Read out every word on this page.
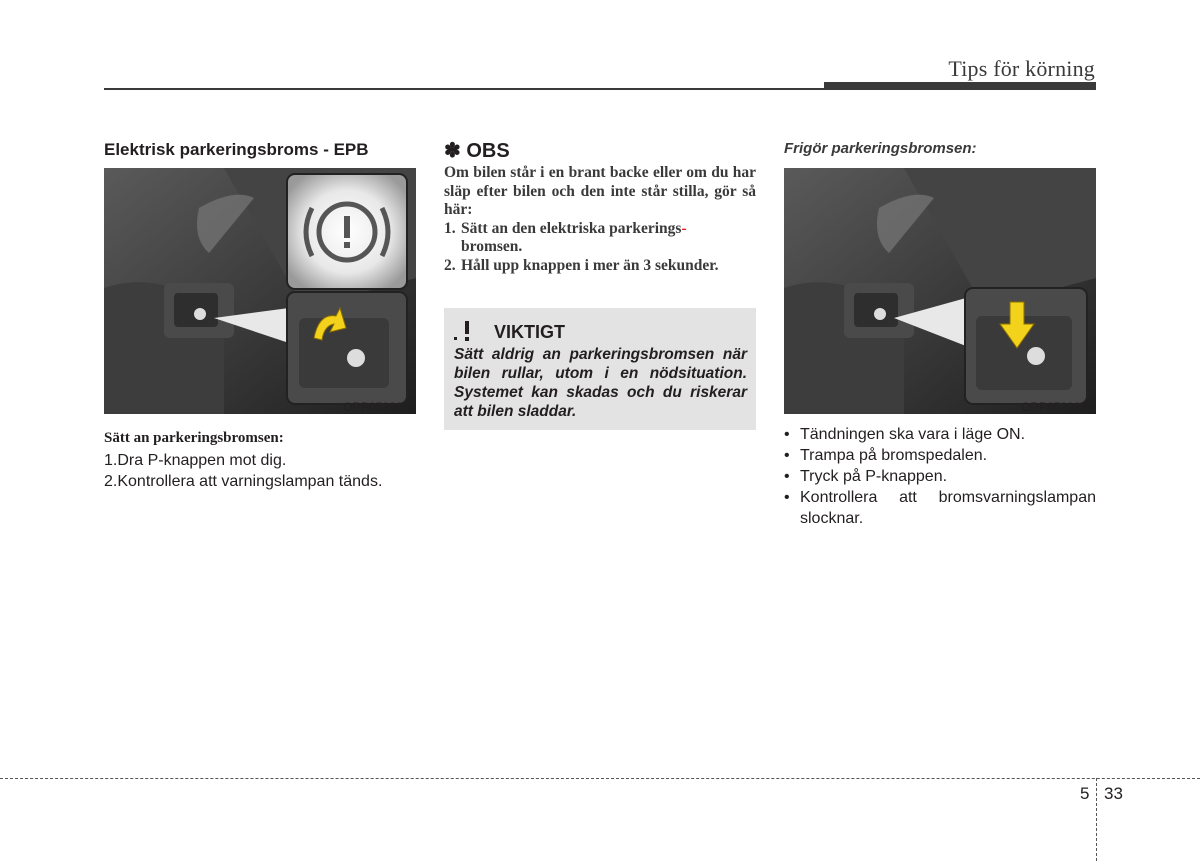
Tips för körning
Elektrisk parkeringsbroms - EPB
ORP052026
Sätt an parkeringsbromsen:
1.Dra P-knappen mot dig.
2.Kontrollera att varningslampan tänds.
✽ OBS

Om bilen står i en brant backe eller om du har släp efter bilen och den inte står stilla, gör så här:

1. Sätt an den elektriska parkerings-
bromsen.
2. Håll upp knappen i mer än 3 sekunder.
VIKTIGT
Sätt aldrig an parkeringsbromsen när bilen rullar, utom i en nödsituation. Systemet kan skadas och du riskerar att bilen sladdar.
Frigör parkeringsbromsen:
ORP052027
• Tändningen ska vara i läge ON.
• Trampa på bromspedalen.
• Tryck på P-knappen.
• Kontrollera att bromsvarningslampan slocknar.
5 33
